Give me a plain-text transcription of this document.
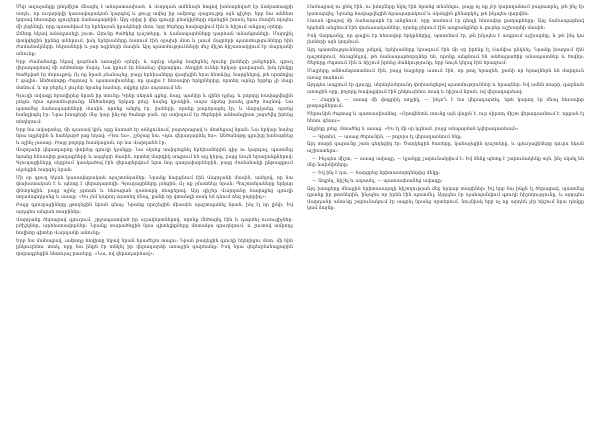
Մեր աղաչանքը ընդմիշտ մնացել է անպատասխան, և Վարդան ամենայն հոգով խոնարհված էր ճակատագրի առջև, որ ուղարկվի կառավարական կարգով և ցույց տվեց իր ամբողջ զայրույթը այն գիշեր, երբ նա անհետ կորավ հեռավոր գյուղերի ճանապարհին։ Այդ օրից ի վեր գյուղի բնակիչները սկսեցին խոսել նրա մասին որպես մի լեգենդի, որը պատմվում էր երեկոյան կրակների մոտ, երբ ծերերը հավաքվում էին և հիշում անցյալ օրերը։

Ձմեռը եկավ անսպասելի շուտ։ Ձյունը ծածկեց դաշտերը, և ճանապարհները դարձան անանցանելի։ Մարդիկ փակվեցին իրենց տներում, իսկ երեխաները նստում էին օջախի մոտ և լսում մայրերի պատմությունները հին ժամանակների, հերոսների և չար ոգիների մասին։ Այդ պատմությունների մեջ միշտ հիշատակվում էր Վարդանի անունը։

Երբ ժամանակը եկավ գարնան առաջին օրերի, և արևը սկսեց հալեցնել ձյունը լեռների լանջերին, գյուղ վերադարձավ մի անծանոթ մարդ։ Նա կրում էր հնամաշ վերարկու, ձեռքին ուներ երկար գավազան, իսկ դեմքը ծածկված էր մորուքով։ Ոչ ոք նրան չճանաչեց, բայց երեխաները վազեցին նրա հետևից, հարցնելով, թե որտեղից է գալիս։ Անծանոթը ժպտաց և պատասխանեց, որ գալիս է հեռավոր երկրներից, որտեղ արևը երբեք չի մայր մտնում, և որ բերել է լուրեր նրանց համար, ովքեր դեռ սպասում են։

Գյուղի ավագը հրավիրեց նրան իր տունը։ Կինը սեղան գցեց, հաց, պանիր և գինի դրեց, և բոլորը հավաքվեցին լսելու նրա պատմությունը։ Անծանոթը երկար լռեց, նայեց կրակին, ապա սկսեց խոսել ցածր ձայնով։ Նա պատմեց ճանապարհների մասին, որոնք անցել էր, լեռների, որոնք բարձրացել էր, և մարդկանց, որոնց հանդիպել էր։ Նրա խոսքերի մեջ կար ինչ-որ ծանոթ բան, որ ստիպում էր ծերերին անհանգիստ շարժվել իրենց տեղերում։

Երբ նա ավարտեց, մի պառավ կին, որը նստած էր անկյունում, բարձրացավ և մոտեցավ նրան։ Նա երկար նայեց նրա աչքերին և հանկարծ լաց եղավ։ «Դու ես», շշնջաց նա, «դու վերադարձել ես»։ Անծանոթը գլուխը խոնարհեց և ոչինչ չասաց։ Բայց բոլորը հասկացան, որ նա Վարդանն էր։

Վարդանի վերադարձը փոխեց գյուղի կյանքը։ Նա սկսեց սովորեցնել երեխաներին գիր ու կարդալ, պատմեց նրանց հեռավոր քաղաքների և ազգերի մասին, որտեղ մարդիկ ապրում են այլ կերպ, բայց նույն երազանքներով։ Գյուղացիները սկզբում կասկածով էին վերաբերվում նրա նոր գաղափարներին, բայց ժամանակի ընթացքում սկսեցին հարգել նրան։

Մի օր գյուղ եկան կառավարական պաշտոնյաներ։ Նրանք հարցնում էին Վարդանի մասին, ասելով, որ նա փախստական է և պետք է վերադարձվի։ Գյուղացիները լռեցին։ Ոչ ոք չմատնեց նրան։ Պաշտոնյաները երկար փնտրեցին, բայց ոչինչ չգտան և հեռացան դատարկ ձեռքերով։ Այդ գիշեր Վարդանը հավաքեց գյուղի տղամարդկանց և ասաց. «Ես չեմ կարող այստեղ մնալ, քանի որ վտանգի տակ եմ դնում ձեզ բոլորիդ»։

Բայց գյուղացիները չթողեցին նրան գնալ։ Նրանք որոշեցին միասին պաշտպանել նրան, ինչ էլ որ լինի։ Եվ այդպես անցան տարիներ։

Վարդանը ծերացավ գյուղում, շրջապատված իր աշակերտներով, որոնք մեծացել էին և դարձել ուսուցիչներ, բժիշկներ, արհեստավորներ։ Նրանք տարածեցին նրա գիտելիքները մոտակա գյուղերում, և շուտով ամբողջ հովիտը գիտեր Վարդանի անունը։

Երբ նա մահացավ, ամբողջ հովիտը եկավ նրան հրաժեշտ տալու։ Նրան թաղեցին գյուղի եկեղեցու մոտ, մի հին ընկուզենու տակ, որը նա ինքն էր տնկել իր վերադարձի առաջին գարնանը։ Իսկ նրա գերեզմանաքարին փորագրեցին հետևյալ բառերը. «Նա, ով վերադարձավ»։

Լեռնացավ ու քնել էին, ու խեղճերը եկել էին նրանց տեսնելու, բայց ոչ ոք չէր կարողանում բացատրել, թե ինչ էր կատարվել։ Նրանք հավաքվեցին հրապարակում և սկսեցին քննարկել, թե ինչպես վարվեն։

Լեռան վրայով մի ճանապարհ էր անցնում, որը տանում էր դեպի հեռավոր քաղաքները։ Այդ ճանապարհով երբեմն անցնում էին վաճառականներ, որոնք բերում էին ապրանքներ և լուրեր աշխարհի մասին։

Իսկ Վարդանը, որ գալիս էր հեռավոր երկրներից, պատմում էր, թե ինչպես է ապրում աշխարհը, և թե ինչ կա լեռների այն կողմում։

Այդ պատմությունները լսելով, երեխաները երազում էին մի օր իրենք էլ ճամփա ընկնել։ Նրանք խաղում էին դաշտերում, ձևացնելով, թե ճանապարհորդներ են, որոնք անցնում են անծայրածիր անապատներ և ծովեր։ Ծերերը ժպտում էին և հիշում իրենց մանկությունը, երբ նույն կերպ էին երազում։

Մայրերը անհանգստանում էին, բայց հայրերը ասում էին, որ թող երազեն, քանի որ երազներն են մարդուն առաջ տանում։

Այդպես ապրում էր գյուղը, սերնդեսերունդ փոխանցելով պատմություններ և երազներ։ Եվ ամեն տարի, գարնան առաջին օրը, բոլորը հավաքվում էին ընկուզենու տակ և հիշում նրան, ով վերադարձավ։

— Հայրի՛կ, — ասաց մի փոքրիկ աղջիկ, — ինչո՞ւ է նա վերադարձել, եթե կարող էր մնալ հեռավոր քաղաքներում։

Ծերունին ժպտաց և պատասխանեց. «Որովհետև տունը այն վայրն է, ուր սիրտդ միշտ վերադառնում է, որքան էլ հեռու գնաս»։

Աղջիկը լռեց, մտածեց և ասաց. «Ես էլ մի օր կգնամ, բայց անպայման կվերադառնամ»։

— Գիտեմ, — ասաց ծերունին, — բոլորս էլ վերադառնում ենք։

Այդ տարի գարունը շատ գեղեցիկ էր։ Ծաղկեցին ծառերը, կանաչեցին դաշտերը, և գյուղացիները դուրս եկան աշխատելու։

— Ինչպես միշտ, — ասաց ավագը, — կյանքը շարունակվում է։ Եվ մենք պետք է շարունակենք այն, ինչ սկսել են մեր նախնիները։

— Եվ ինչ է դա, — հարցրեց երիտասարդներից մեկը։

— Ապրել, հիշել և սպասել, — պատասխանեց ավագը։

Այդ խոսքերը մնացին երիտասարդի հիշողության մեջ երկար տարիներ։ Եվ երբ նա ինքն էլ ծերացավ, պատմեց դրանք իր թոռներին, ինչպես որ իրեն էին պատմել։ Այդպես էր պահպանվում գյուղի հիշողությունը, և այդպես Վարդանի անունը շարունակում էր ապրել նրանց սրտերում, նույնիսկ երբ ոչ ոք արդեն չէր հիշում նրա դեմքը կամ ձայնը։
